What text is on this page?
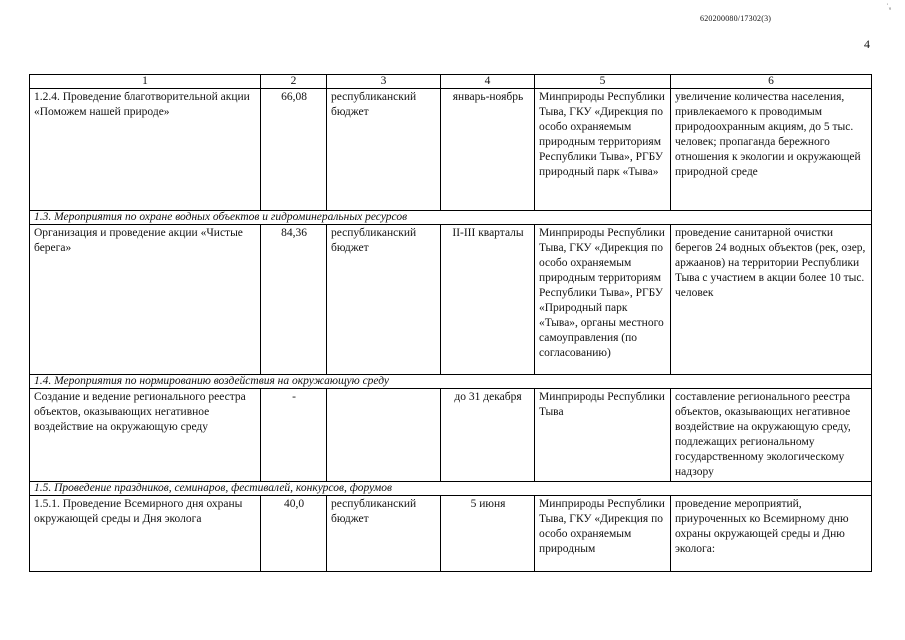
620200080/17302(3)
˙ᵤ
4
1	2	3	4	5	6
1.2.4. Проведение благотворительной акции «Поможем нашей природе»	66,08	республиканский бюджет	январь-ноябрь	Минприроды Республики Тыва, ГКУ «Дирекция по особо охраняемым природным территориям Республики Тыва», РГБУ природный парк «Тыва»	увеличение количества населения, привлекаемого к проводимым природоохранным акциям, до 5 тыс. человек; пропаганда бережного отношения к экологии и окружающей природной среде
1.3. Мероприятия по охране водных объектов и гидроминеральных ресурсов					
Организация и проведение акции «Чистые берега»	84,36	республиканский бюджет	II-III кварталы	Минприроды Республики Тыва, ГКУ «Дирекция по особо охраняемым природным территориям Республики Тыва», РГБУ «Природный парк «Тыва», органы местного самоуправления (по согласованию)	проведение санитарной очистки берегов 24 водных объектов (рек, озер, аржаанов) на территории Республики Тыва с участием в акции более 10 тыс. человек
1.4. Мероприятия по нормированию воздействия на окружающую среду					
Создание и ведение регионального реестра объектов, оказывающих негативное воздействие на окружающую среду	-		до 31 декабря	Минприроды Республики Тыва	составление регионального реестра объектов, оказывающих негативное воздействие на окружающую среду, подлежащих региональному государственному экологическому надзору
1.5. Проведение праздников, семинаров, фестивалей, конкурсов, форумов					
1.5.1. Проведение Всемирного дня охраны окружающей среды и Дня эколога	40,0	республиканский бюджет	5 июня	Минприроды Республики Тыва, ГКУ «Дирекция по особо охраняемым природным	проведение мероприятий, приуроченных ко Всемирному дню охраны окружающей среды и Дню эколога:
